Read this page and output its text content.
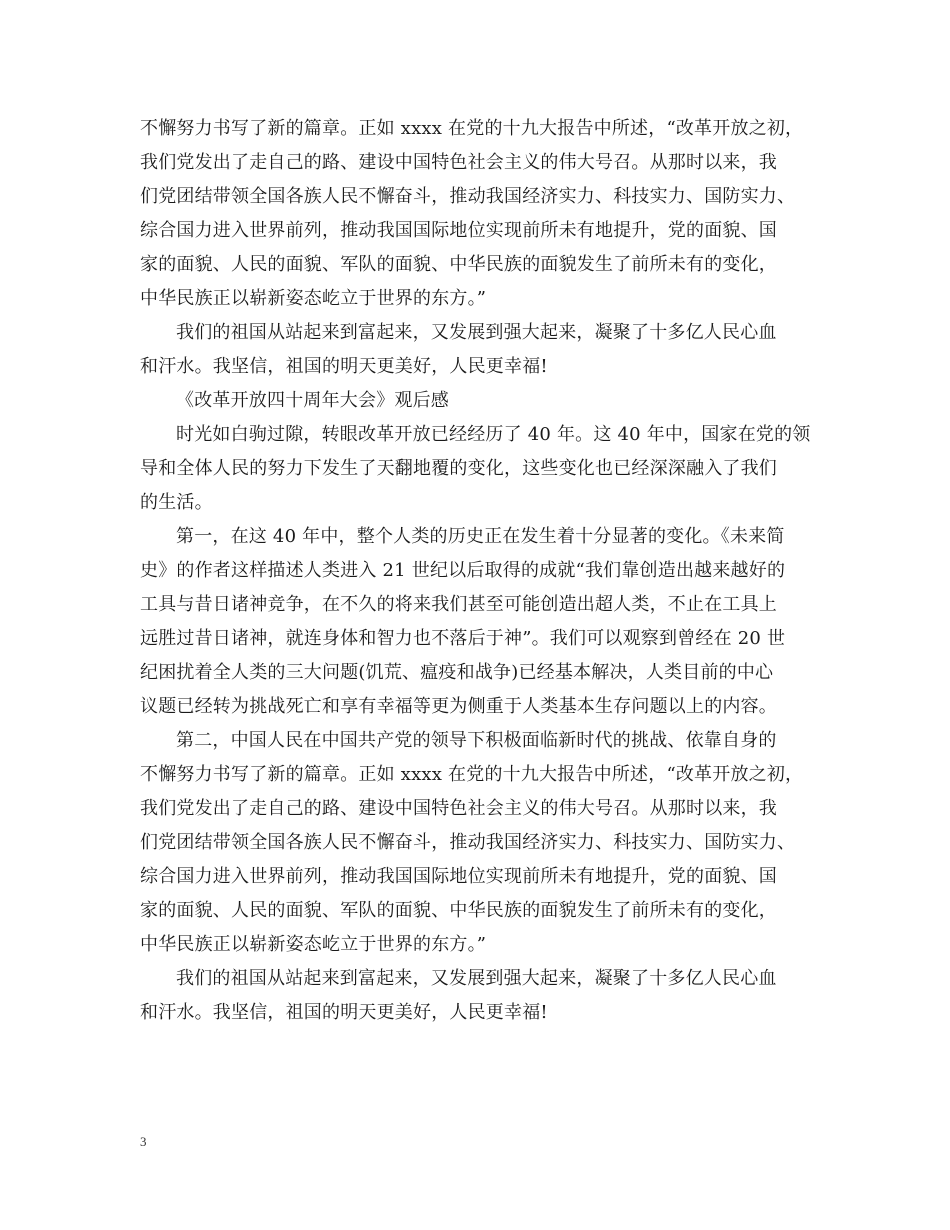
不懈努力书写了新的篇章。正如 xxxx 在党的十九大报告中所述，“改革开放之初，
我们党发出了走自己的路、建设中国特色社会主义的伟大号召。从那时以来，我
们党团结带领全国各族人民不懈奋斗，推动我国经济实力、科技实力、国防实力、
综合国力进入世界前列，推动我国国际地位实现前所未有地提升，党的面貌、国
家的面貌、人民的面貌、军队的面貌、中华民族的面貌发生了前所未有的变化，
中华民族正以崭新姿态屹立于世界的东方。”
我们的祖国从站起来到富起来，又发展到强大起来，凝聚了十多亿人民心血
和汗水。我坚信，祖国的明天更美好，人民更幸福!
《改革开放四十周年大会》观后感
时光如白驹过隙，转眼改革开放已经经历了 40 年。这 40 年中，国家在党的领
导和全体人民的努力下发生了天翻地覆的变化，这些变化也已经深深融入了我们
的生活。
第一，在这 40 年中，整个人类的历史正在发生着十分显著的变化。《未来简
史》的作者这样描述人类进入 21 世纪以后取得的成就“我们靠创造出越来越好的
工具与昔日诸神竞争，在不久的将来我们甚至可能创造出超人类，不止在工具上
远胜过昔日诸神，就连身体和智力也不落后于神”。我们可以观察到曾经在 20 世
纪困扰着全人类的三大问题(饥荒、瘟疫和战争)已经基本解决，人类目前的中心
议题已经转为挑战死亡和享有幸福等更为侧重于人类基本生存问题以上的内容。
第二，中国人民在中国共产党的领导下积极面临新时代的挑战、依靠自身的
不懈努力书写了新的篇章。正如 xxxx 在党的十九大报告中所述，“改革开放之初，
我们党发出了走自己的路、建设中国特色社会主义的伟大号召。从那时以来，我
们党团结带领全国各族人民不懈奋斗，推动我国经济实力、科技实力、国防实力、
综合国力进入世界前列，推动我国国际地位实现前所未有地提升，党的面貌、国
家的面貌、人民的面貌、军队的面貌、中华民族的面貌发生了前所未有的变化，
中华民族正以崭新姿态屹立于世界的东方。”
我们的祖国从站起来到富起来，又发展到强大起来，凝聚了十多亿人民心血
和汗水。我坚信，祖国的明天更美好，人民更幸福!
3
